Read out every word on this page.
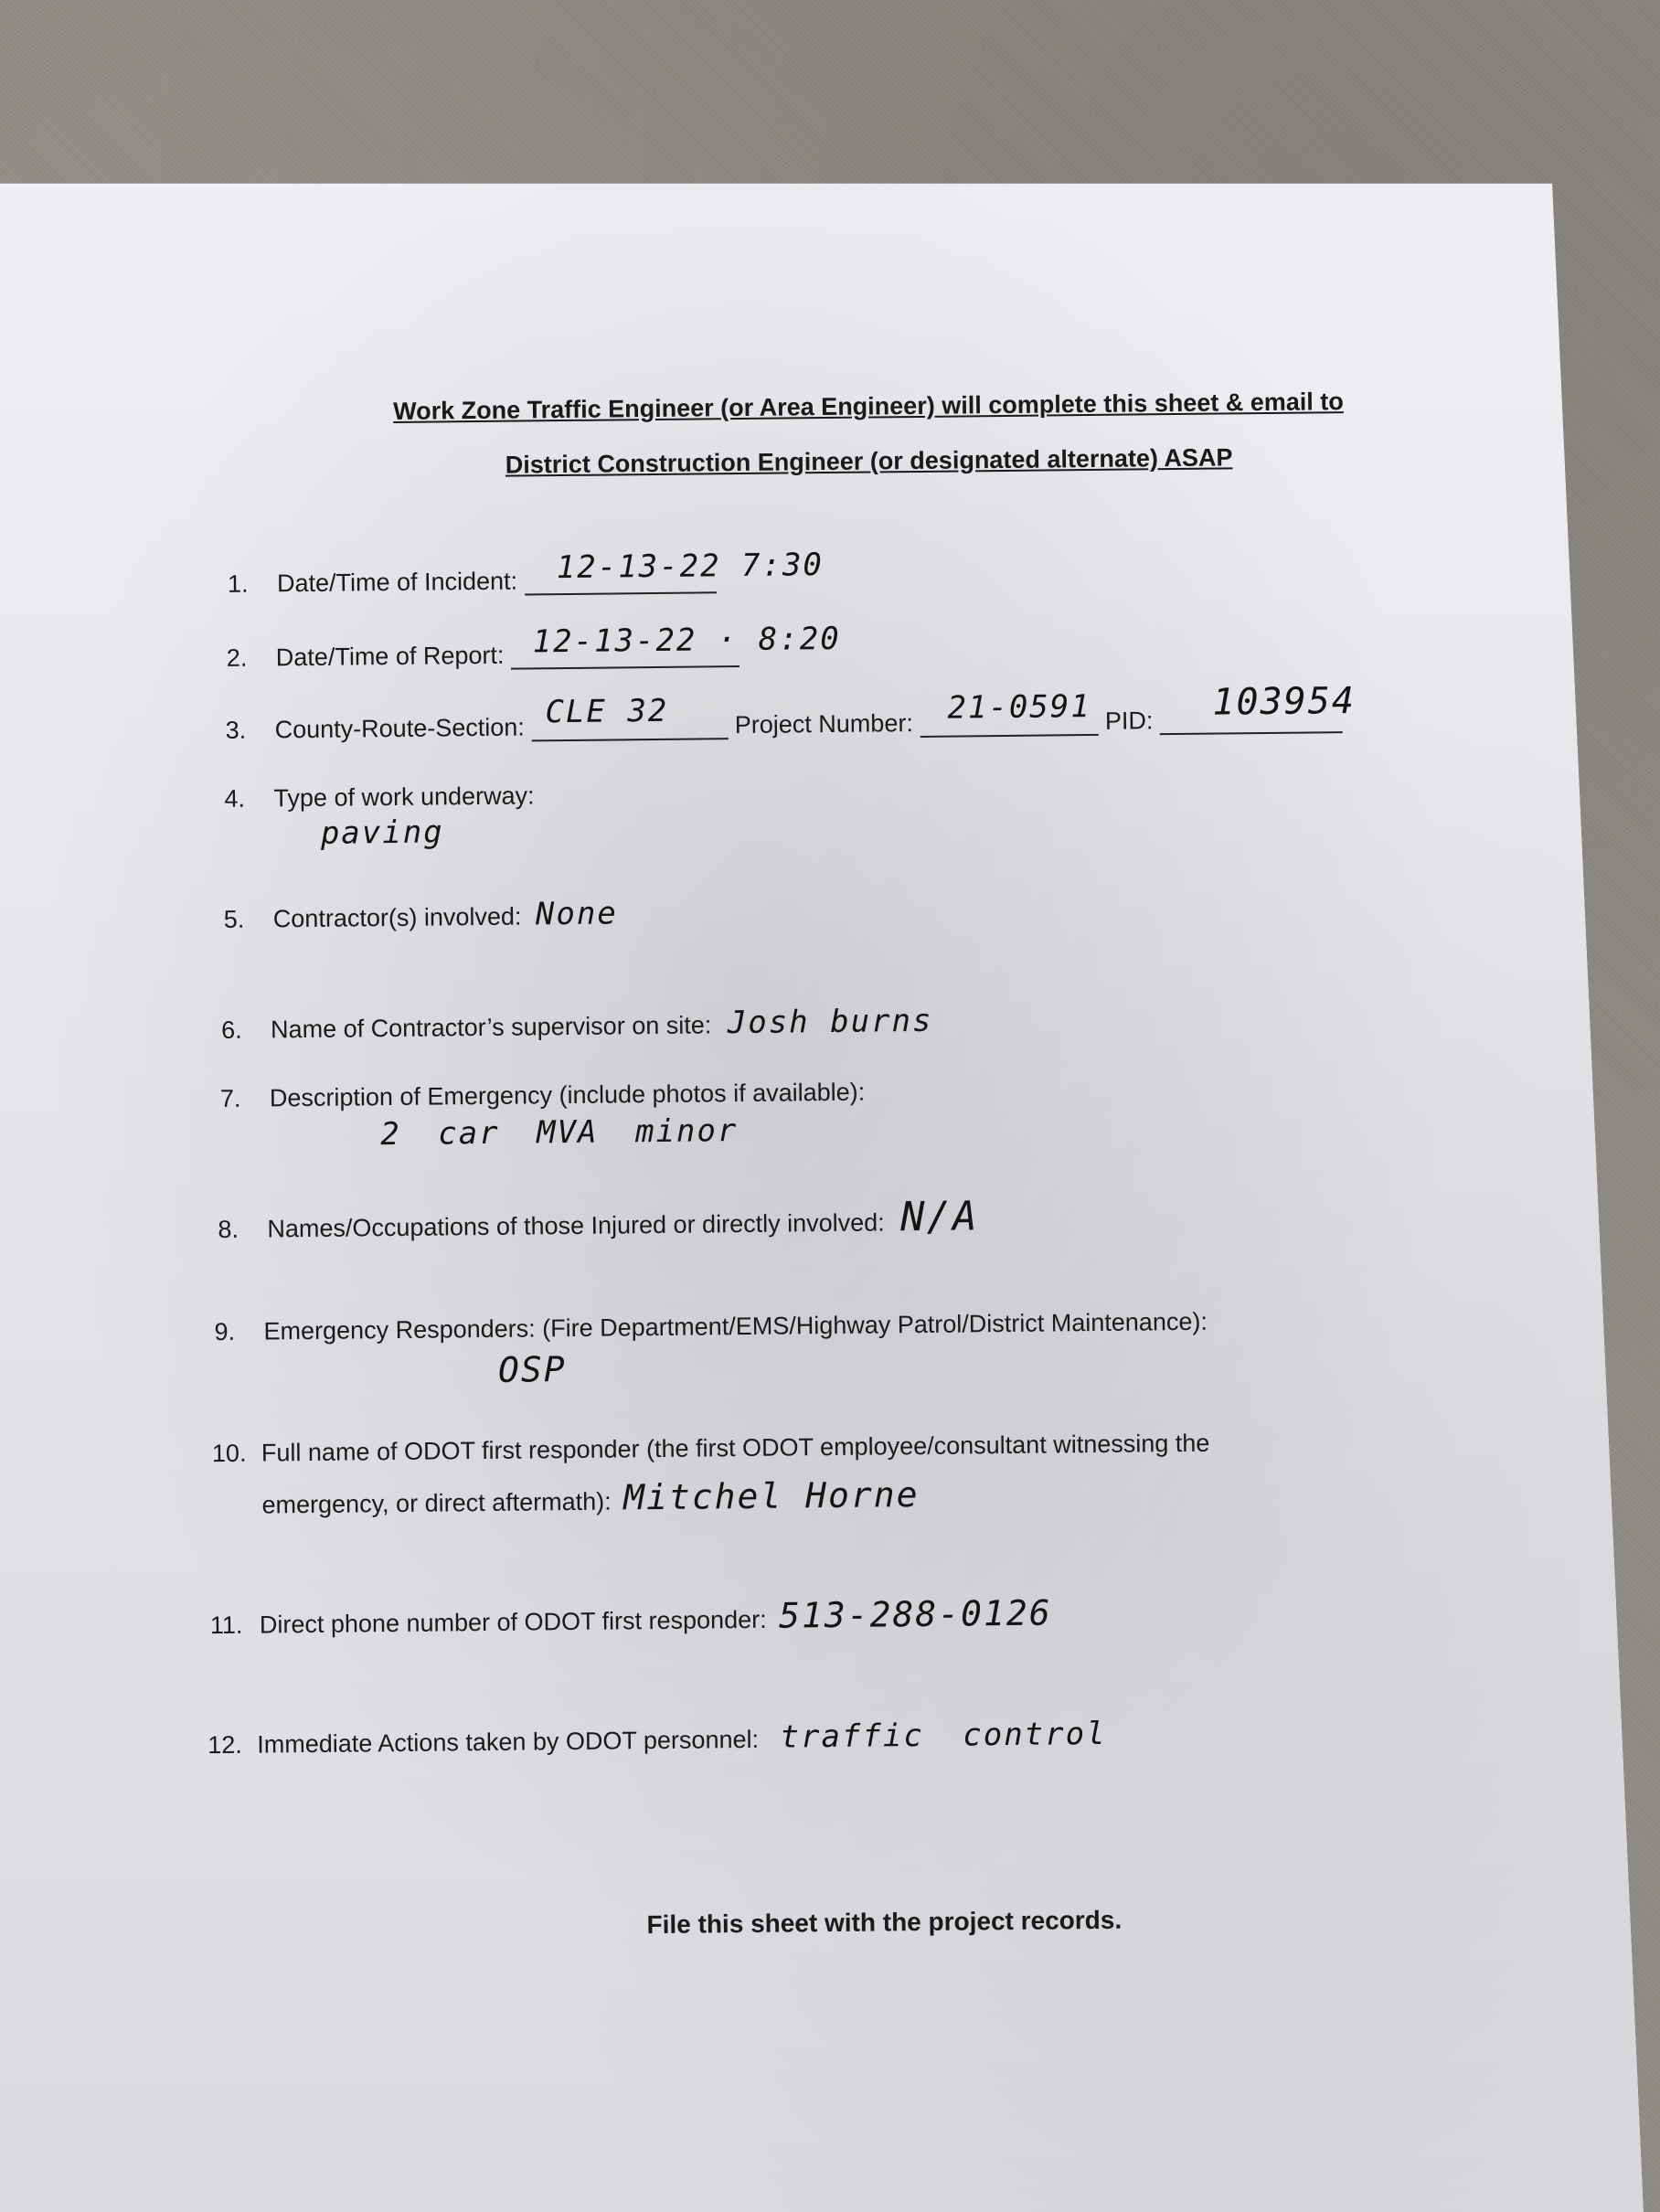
Work Zone Traffic Engineer (or Area Engineer) will complete this sheet & email to
District Construction Engineer (or designated alternate) ASAP
1. Date/Time of Incident: 12-13-22 7:30
2. Date/Time of Report: 12-13-22 · 8:20
3. County-Route-Section: CLE 32	Project Number: 21-0591 PID: 103954
4. Type of work underway:
paving
5. Contractor(s) involved: None
6. Name of Contractor’s supervisor on site: Josh burns
7. Description of Emergency (include photos if available):
2 car MVA minor
8. Names/Occupations of those Injured or directly involved: N/A
9. Emergency Responders: (Fire Department/EMS/Highway Patrol/District Maintenance):
OSP
10. Full name of ODOT first responder (the first ODOT employee/consultant witnessing the
emergency, or direct aftermath): Mitchel Horne
11. Direct phone number of ODOT first responder: 513-288-0126
12. Immediate Actions taken by ODOT personnel: traffic control
File this sheet with the project records.
